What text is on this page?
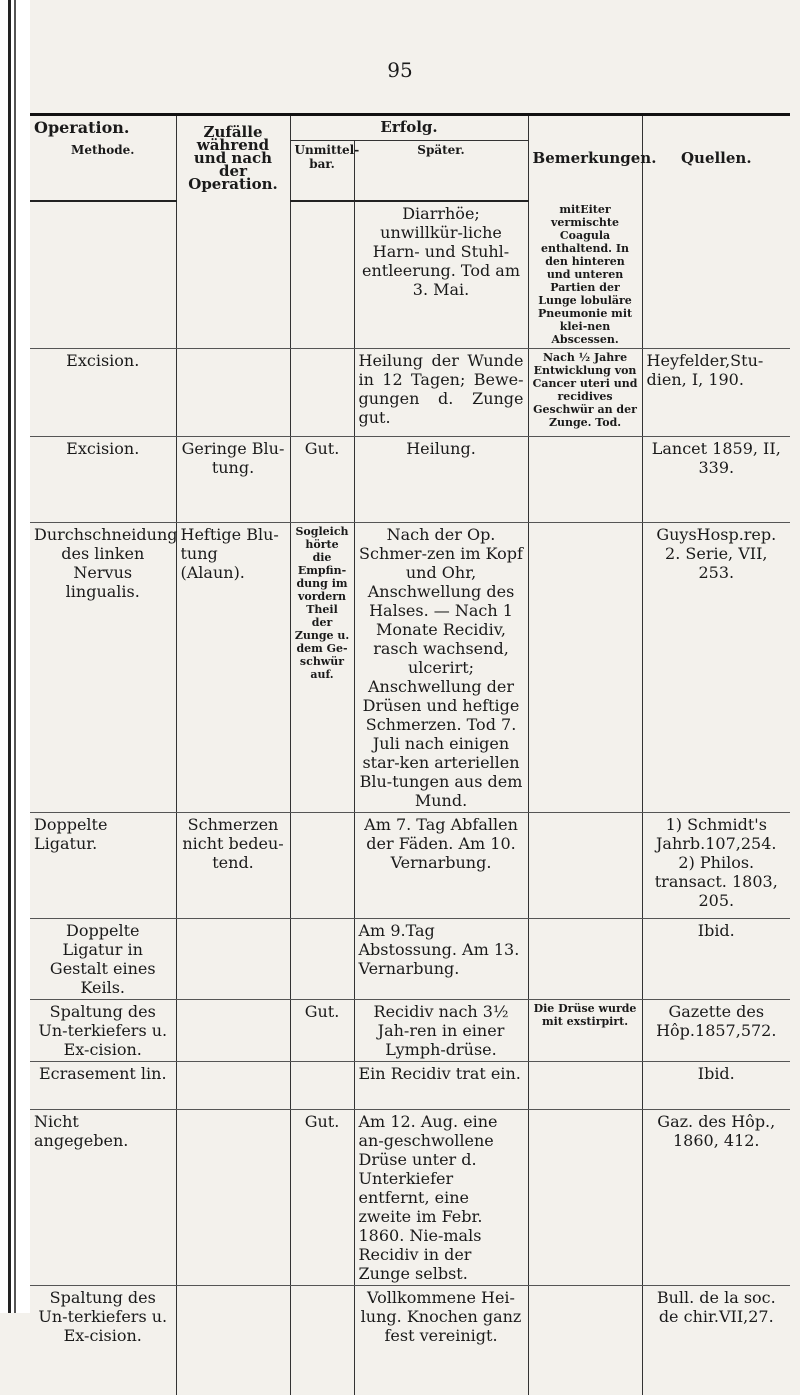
95
Operation.	Zufälle während und nach der Operation.	Erfolg.		Bemerkungen.	Quellen.
Methode.		Unmittel-bar.	Später.		
			Diarrhöe; unwillkür-liche Harn- und Stuhl-entleerung. Tod am 3. Mai.	mitEiter vermischte Coagula enthaltend. In den hinteren und unteren Partien der Lunge lobuläre Pneumonie mit klei-nen Abscessen.	
Excision.			Heilung der Wunde in 12 Tagen; Bewe-gungen d. Zunge gut.	Nach ½ Jahre Entwicklung von Cancer uteri und recidives Geschwür an der Zunge. Tod.	Heyfelder,Stu-dien, I, 190.
Excision.	Geringe Blu-tung.	Gut.	Heilung.		Lancet 1859, II, 339.
Durchschneidung des linken Nervus lingualis.	Heftige Blu-tung (Alaun).	Sogleich hörte die Empfin-dung im vordern Theil der Zunge u. dem Ge-schwür auf.	Nach der Op. Schmer-zen im Kopf und Ohr, Anschwellung des Halses. — Nach 1 Monate Recidiv, rasch wachsend, ulcerirt; Anschwellung der Drüsen und heftige Schmerzen. Tod 7. Juli nach einigen star-ken arteriellen Blu-tungen aus dem Mund.		GuysHosp.rep. 2. Serie, VII, 253.
Doppelte Ligatur.	Schmerzen nicht bedeu-tend.		Am 7. Tag Abfallen der Fäden. Am 10. Vernarbung.		1) Schmidt's Jahrb.107,254. 2) Philos. transact. 1803, 205.
Doppelte Ligatur in Gestalt eines Keils.			Am 9.Tag Abstossung. Am 13. Vernarbung.		Ibid.
Spaltung des Un-terkiefers u. Ex-cision.		Gut.	Recidiv nach 3½ Jah-ren in einer Lymph-drüse.	Die Drüse wurde mit exstirpirt.	Gazette des Hôp.1857,572.
Ecrasement lin.			Ein Recidiv trat ein.		Ibid.
Nicht angegeben.		Gut.	Am 12. Aug. eine an-geschwollene Drüse unter d. Unterkiefer entfernt, eine zweite im Febr. 1860. Nie-mals Recidiv in der Zunge selbst.		Gaz. des Hôp., 1860, 412.
Spaltung des Un-terkiefers u. Ex-cision.			Vollkommene Hei-lung. Knochen ganz fest vereinigt.		Bull. de la soc. de chir.VII,27.
